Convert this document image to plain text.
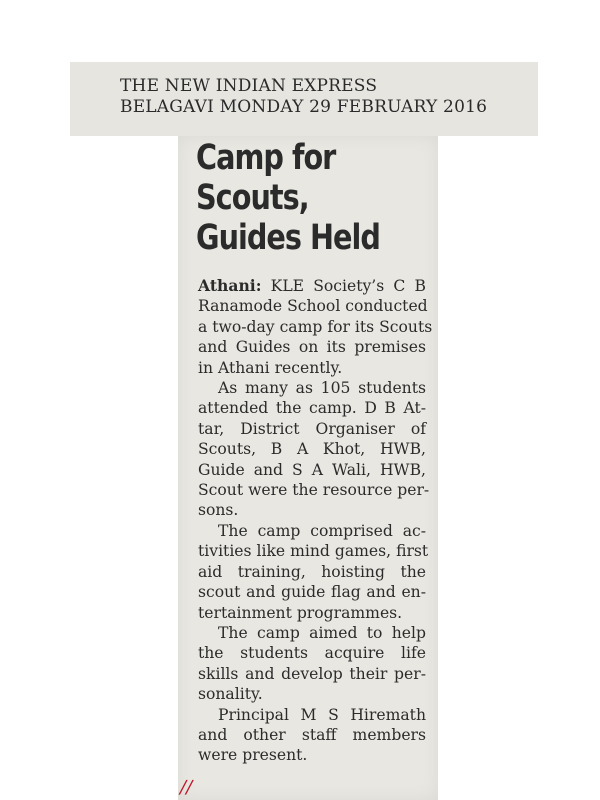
THE NEW INDIAN EXPRESS
BELAGAVI MONDAY 29 FEBRUARY 2016
//
Camp for
Scouts,
Guides Held

Athani: KLE Society’s C B
Ranamode School conducted
a two-day camp for its Scouts
and Guides on its premises
in Athani recently.

As many as 105 students
attended the camp. D B At-
tar, District Organiser of
Scouts, B A Khot, HWB,
Guide and S A Wali, HWB,
Scout were the resource per-
sons.

The camp comprised ac-
tivities like mind games, first
aid training, hoisting the
scout and guide flag and en-
tertainment programmes.

The camp aimed to help
the students acquire life
skills and develop their per-
sonality.

Principal M S Hiremath
and other staff members
were present.
